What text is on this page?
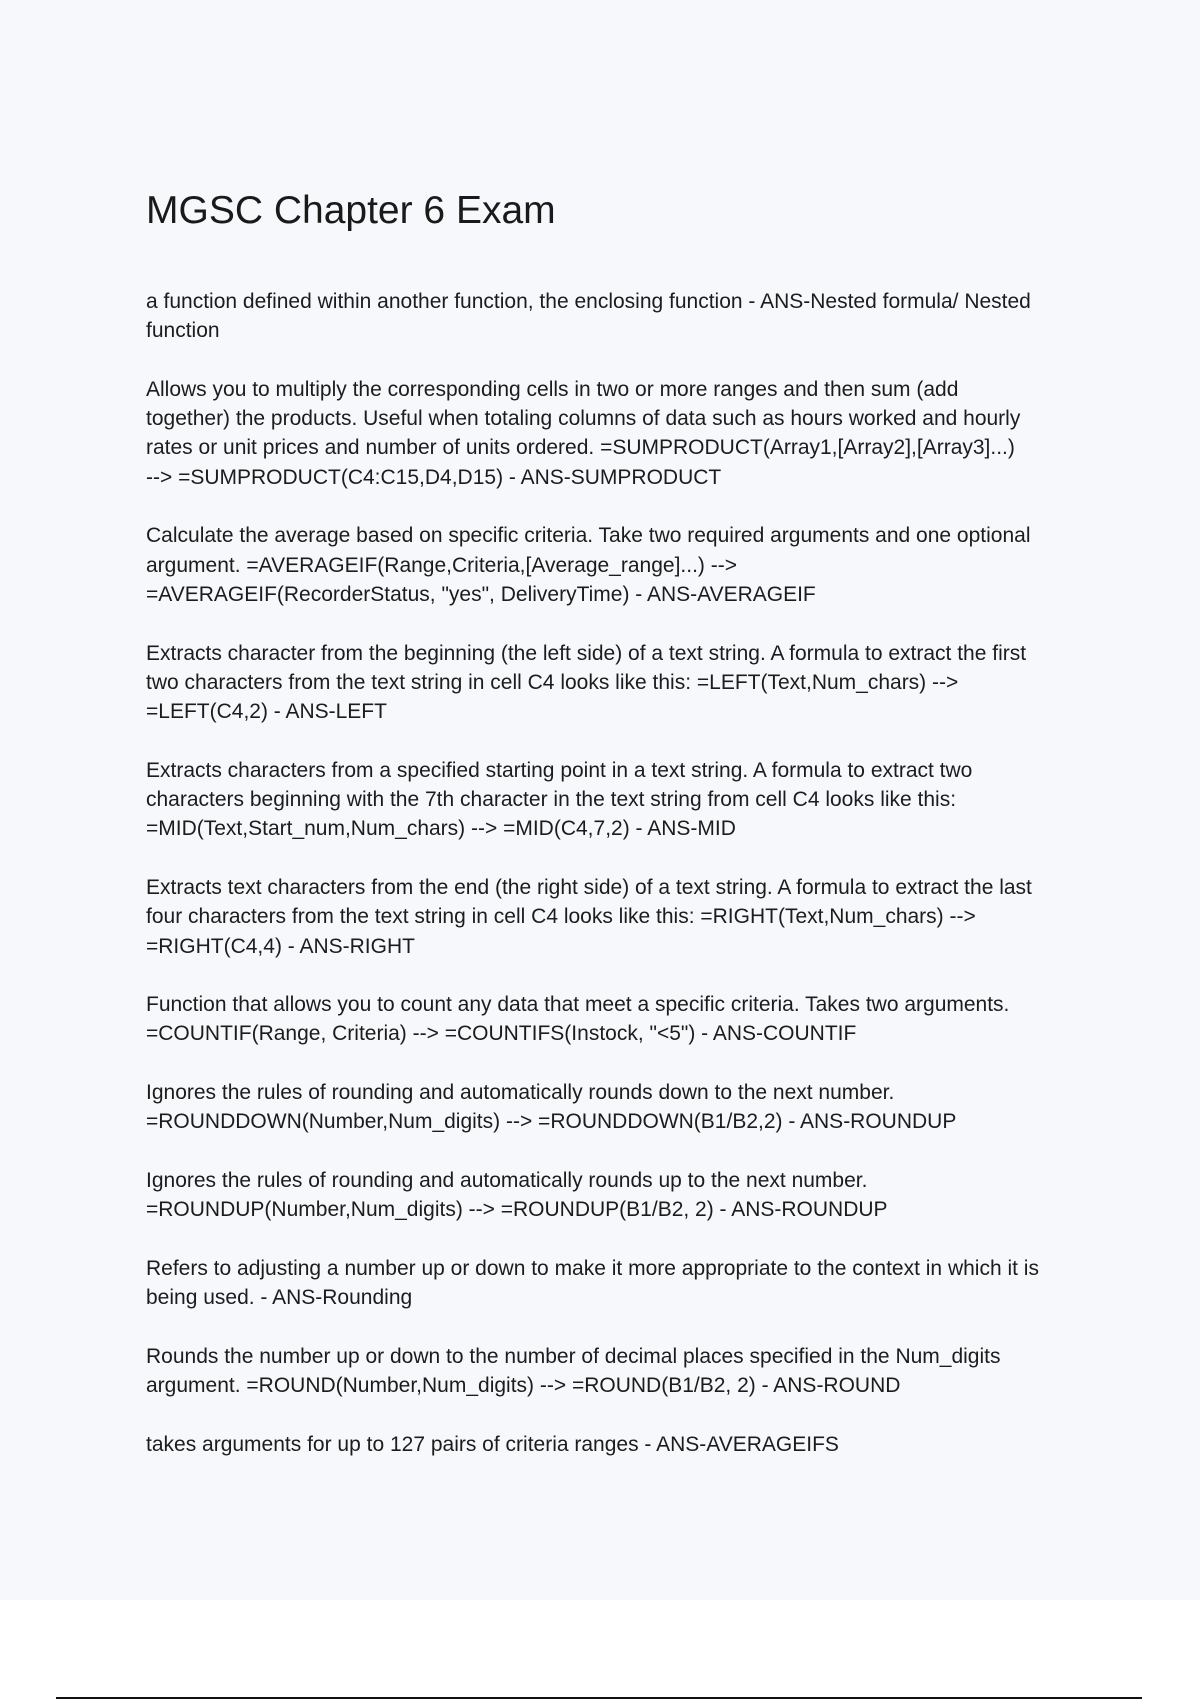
MGSC Chapter 6 Exam
a function defined within another function, the enclosing function - ANS-Nested formula/ Nested
function
Allows you to multiply the corresponding cells in two or more ranges and then sum (add
together) the products. Useful when totaling columns of data such as hours worked and hourly
rates or unit prices and number of units ordered. =SUMPRODUCT(Array1,[Array2],[Array3]...)
--> =SUMPRODUCT(C4:C15,D4,D15) - ANS-SUMPRODUCT
Calculate the average based on specific criteria. Take two required arguments and one optional
argument. =AVERAGEIF(Range,Criteria,[Average_range]...) -->
=AVERAGEIF(RecorderStatus, "yes", DeliveryTime) - ANS-AVERAGEIF
Extracts character from the beginning (the left side) of a text string. A formula to extract the first
two characters from the text string in cell C4 looks like this: =LEFT(Text,Num_chars) -->
=LEFT(C4,2) - ANS-LEFT
Extracts characters from a specified starting point in a text string. A formula to extract two
characters beginning with the 7th character in the text string from cell C4 looks like this:
=MID(Text,Start_num,Num_chars) --> =MID(C4,7,2) - ANS-MID
Extracts text characters from the end (the right side) of a text string. A formula to extract the last
four characters from the text string in cell C4 looks like this: =RIGHT(Text,Num_chars) -->
=RIGHT(C4,4) - ANS-RIGHT
Function that allows you to count any data that meet a specific criteria. Takes two arguments.
=COUNTIF(Range, Criteria) --> =COUNTIFS(Instock, "<5") - ANS-COUNTIF
Ignores the rules of rounding and automatically rounds down to the next number.
=ROUNDDOWN(Number,Num_digits) --> =ROUNDDOWN(B1/B2,2) - ANS-ROUNDUP
Ignores the rules of rounding and automatically rounds up to the next number.
=ROUNDUP(Number,Num_digits) --> =ROUNDUP(B1/B2, 2) - ANS-ROUNDUP
Refers to adjusting a number up or down to make it more appropriate to the context in which it is
being used. - ANS-Rounding
Rounds the number up or down to the number of decimal places specified in the Num_digits
argument. =ROUND(Number,Num_digits) --> =ROUND(B1/B2, 2) - ANS-ROUND
takes arguments for up to 127 pairs of criteria ranges - ANS-AVERAGEIFS
